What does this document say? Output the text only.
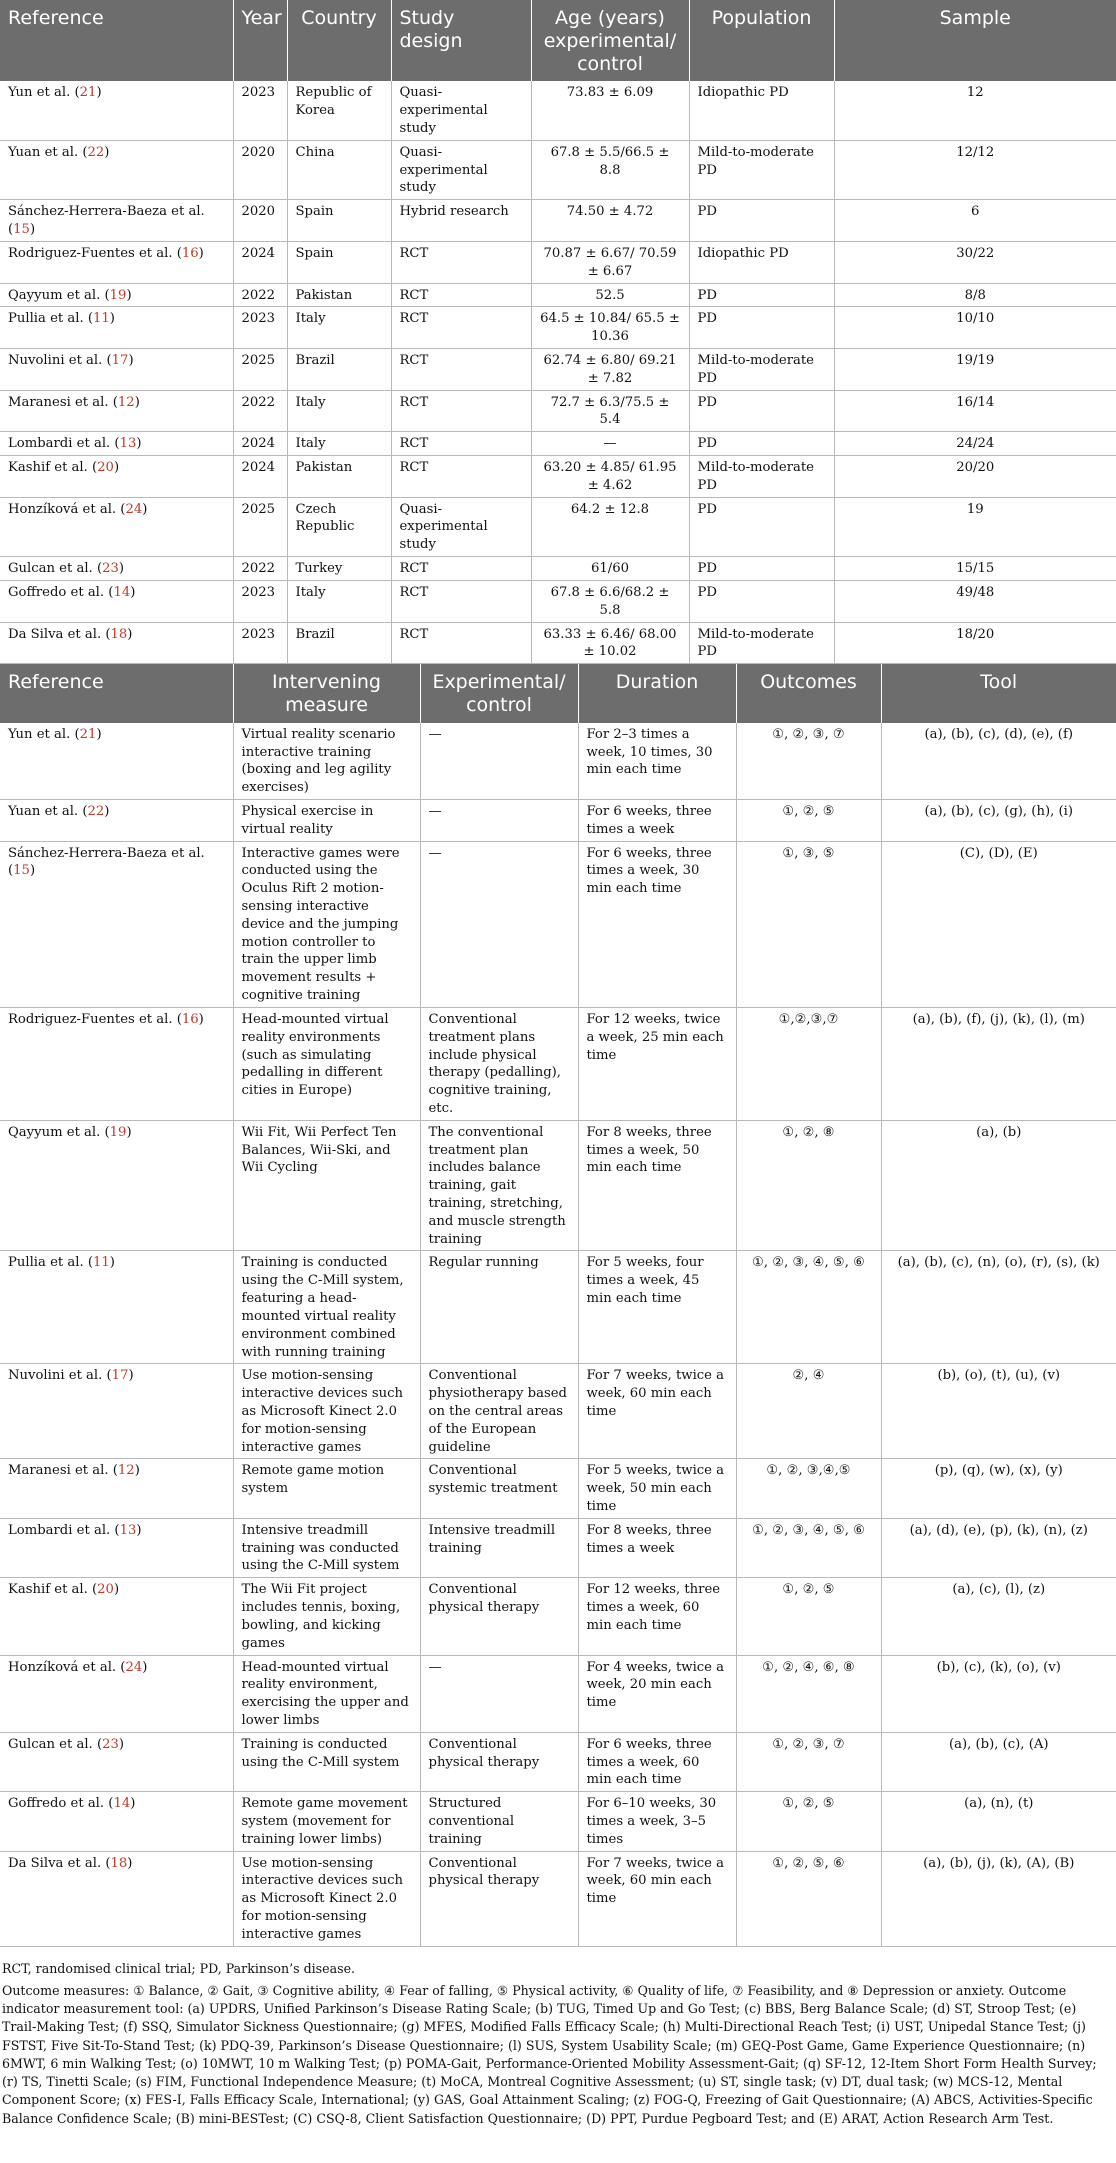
Reference	Year	Country	Study design	Age (years) experimental/ control	Population	Sample
Yun et al. (21)	2023	Republic of Korea	Quasi-experimental study	73.83 ± 6.09	Idiopathic PD	12
Yuan et al. (22)	2020	China	Quasi-experimental study	67.8 ± 5.5/66.5 ± 8.8	Mild-to-moderate PD	12/12
Sánchez-Herrera-Baeza et al. (15)	2020	Spain	Hybrid research	74.50 ± 4.72	PD	6
Rodriguez-Fuentes et al. (16)	2024	Spain	RCT	70.87 ± 6.67/ 70.59 ± 6.67	Idiopathic PD	30/22
Qayyum et al. (19)	2022	Pakistan	RCT	52.5	PD	8/8
Pullia et al. (11)	2023	Italy	RCT	64.5 ± 10.84/ 65.5 ± 10.36	PD	10/10
Nuvolini et al. (17)	2025	Brazil	RCT	62.74 ± 6.80/ 69.21 ± 7.82	Mild-to-moderate PD	19/19
Maranesi et al. (12)	2022	Italy	RCT	72.7 ± 6.3/75.5 ± 5.4	PD	16/14
Lombardi et al. (13)	2024	Italy	RCT	—	PD	24/24
Kashif et al. (20)	2024	Pakistan	RCT	63.20 ± 4.85/ 61.95 ± 4.62	Mild-to-moderate PD	20/20
Honzíková et al. (24)	2025	Czech Republic	Quasi-experimental study	64.2 ± 12.8	PD	19
Gulcan et al. (23)	2022	Turkey	RCT	61/60	PD	15/15
Goffredo et al. (14)	2023	Italy	RCT	67.8 ± 6.6/68.2 ± 5.8	PD	49/48
Da Silva et al. (18)	2023	Brazil	RCT	63.33 ± 6.46/ 68.00 ± 10.02	Mild-to-moderate PD	18/20
Reference	Intervening measure	Experimental/ control	Duration	Outcomes	Tool
Yun et al. (21)	Virtual reality scenario interactive training (boxing and leg agility exercises)	—	For 2–3 times a week, 10 times, 30 min each time	①, ②, ③, ⑦	(a), (b), (c), (d), (e), (f)
Yuan et al. (22)	Physical exercise in virtual reality	—	For 6 weeks, three times a week	①, ②, ⑤	(a), (b), (c), (g), (h), (i)
Sánchez-Herrera-Baeza et al. (15)	Interactive games were conducted using the Oculus Rift 2 motion-sensing interactive device and the jumping motion controller to train the upper limb movement results + cognitive training	—	For 6 weeks, three times a week, 30 min each time	①, ③, ⑤	(C), (D), (E)
Rodriguez-Fuentes et al. (16)	Head-mounted virtual reality environments (such as simulating pedalling in different cities in Europe)	Conventional treatment plans include physical therapy (pedalling), cognitive training, etc.	For 12 weeks, twice a week, 25 min each time	①,②,③,⑦	(a), (b), (f), (j), (k), (l), (m)
Qayyum et al. (19)	Wii Fit, Wii Perfect Ten Balances, Wii-Ski, and Wii Cycling	The conventional treatment plan includes balance training, gait training, stretching, and muscle strength training	For 8 weeks, three times a week, 50 min each time	①, ②, ⑧	(a), (b)
Pullia et al. (11)	Training is conducted using the C-Mill system, featuring a head-mounted virtual reality environment combined with running training	Regular running	For 5 weeks, four times a week, 45 min each time	①, ②, ③, ④, ⑤, ⑥	(a), (b), (c), (n), (o), (r), (s), (k)
Nuvolini et al. (17)	Use motion-sensing interactive devices such as Microsoft Kinect 2.0 for motion-sensing interactive games	Conventional physiotherapy based on the central areas of the European guideline	For 7 weeks, twice a week, 60 min each time	②, ④	(b), (o), (t), (u), (v)
Maranesi et al. (12)	Remote game motion system	Conventional systemic treatment	For 5 weeks, twice a week, 50 min each time	①, ②, ③,④,⑤	(p), (q), (w), (x), (y)
Lombardi et al. (13)	Intensive treadmill training was conducted using the C-Mill system	Intensive treadmill training	For 8 weeks, three times a week	①, ②, ③, ④, ⑤, ⑥	(a), (d), (e), (p), (k), (n), (z)
Kashif et al. (20)	The Wii Fit project includes tennis, boxing, bowling, and kicking games	Conventional physical therapy	For 12 weeks, three times a week, 60 min each time	①, ②, ⑤	(a), (c), (l), (z)
Honzíková et al. (24)	Head-mounted virtual reality environment, exercising the upper and lower limbs	—	For 4 weeks, twice a week, 20 min each time	①, ②, ④, ⑥, ⑧	(b), (c), (k), (o), (v)
Gulcan et al. (23)	Training is conducted using the C-Mill system	Conventional physical therapy	For 6 weeks, three times a week, 60 min each time	①, ②, ③, ⑦	(a), (b), (c), (A)
Goffredo et al. (14)	Remote game movement system (movement for training lower limbs)	Structured conventional training	For 6–10 weeks, 30 times a week, 3–5 times	①, ②, ⑤	(a), (n), (t)
Da Silva et al. (18)	Use motion-sensing interactive devices such as Microsoft Kinect 2.0 for motion-sensing interactive games	Conventional physical therapy	For 7 weeks, twice a week, 60 min each time	①, ②, ⑤, ⑥	(a), (b), (j), (k), (A), (B)

RCT, randomised clinical trial; PD, Parkinson’s disease.

Outcome measures: ① Balance, ② Gait, ③ Cognitive ability, ④ Fear of falling, ⑤ Physical activity, ⑥ Quality of life, ⑦ Feasibility, and ⑧ Depression or anxiety. Outcome indicator measurement tool: (a) UPDRS, Unified Parkinson’s Disease Rating Scale; (b) TUG, Timed Up and Go Test; (c) BBS, Berg Balance Scale; (d) ST, Stroop Test; (e) Trail-Making Test; (f) SSQ, Simulator Sickness Questionnaire; (g) MFES, Modified Falls Efficacy Scale; (h) Multi-Directional Reach Test; (i) UST, Unipedal Stance Test; (j) FSTST, Five Sit-To-Stand Test; (k) PDQ-39, Parkinson’s Disease Questionnaire; (l) SUS, System Usability Scale; (m) GEQ-Post Game, Game Experience Questionnaire; (n) 6MWT, 6 min Walking Test; (o) 10MWT, 10 m Walking Test; (p) POMA-Gait, Performance-Oriented Mobility Assessment-Gait; (q) SF-12, 12-Item Short Form Health Survey; (r) TS, Tinetti Scale; (s) FIM, Functional Independence Measure; (t) MoCA, Montreal Cognitive Assessment; (u) ST, single task; (v) DT, dual task; (w) MCS-12, Mental Component Score; (x) FES-I, Falls Efficacy Scale, International; (y) GAS, Goal Attainment Scaling; (z) FOG-Q, Freezing of Gait Questionnaire; (A) ABCS, Activities-Specific Balance Confidence Scale; (B) mini-BESTest; (C) CSQ-8, Client Satisfaction Questionnaire; (D) PPT, Purdue Pegboard Test; and (E) ARAT, Action Research Arm Test.
